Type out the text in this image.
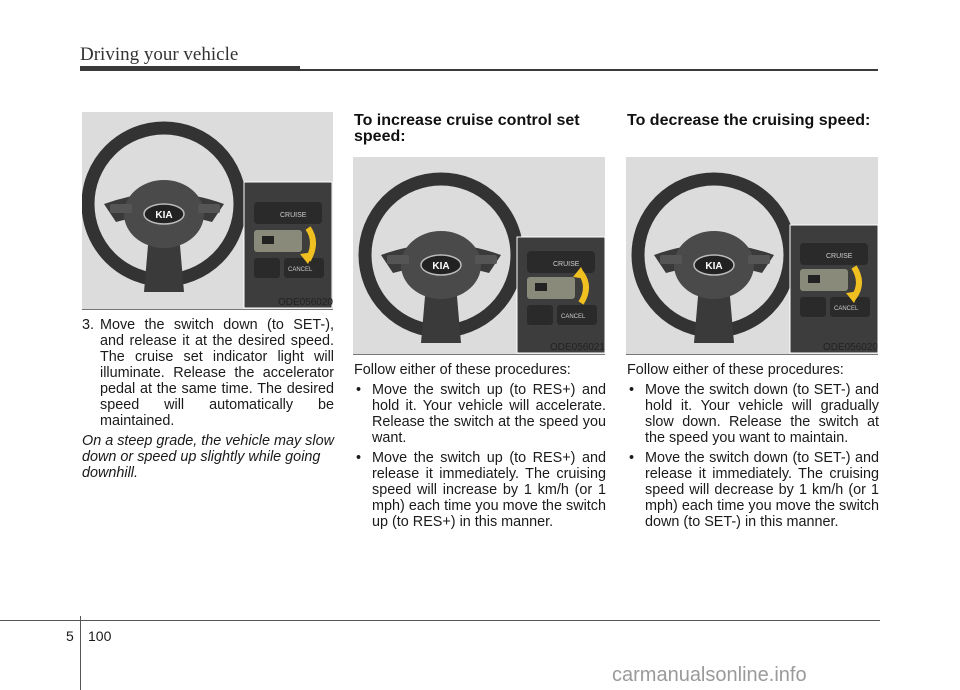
Driving your vehicle
KIA	CRUISE
CANCEL
ODE056020
KIA	CRUISE
CANCEL
ODE056021
KIA
CRUISE
CANCEL
ODE056020
3. Move the switch down (to SET-), and release it at the desired speed. The cruise set indicator light will illuminate. Release the accelerator pedal at the same time. The desired speed will automatically be maintained.
On a steep grade, the vehicle may slow down or speed up slightly while going downhill.
To increase cruise control set speed:
Follow either of these procedures:
• Move the switch up (to RES+) and hold it. Your vehicle will accelerate. Release the switch at the speed you want.
• Move the switch up (to RES+) and release it immediately. The cruising speed will increase by 1 km/h (or 1 mph) each time you move the switch up (to RES+) in this manner.
To decrease the cruising speed:
Follow either of these procedures:
• Move the switch down (to SET-) and hold it. Your vehicle will gradually slow down. Release the switch at the speed you want to maintain.
• Move the switch down (to SET-) and release it immediately. The cruising speed will decrease by 1 km/h (or 1 mph) each time you move the switch down (to SET-) in this manner.
5 100
carmanualsonline.info
